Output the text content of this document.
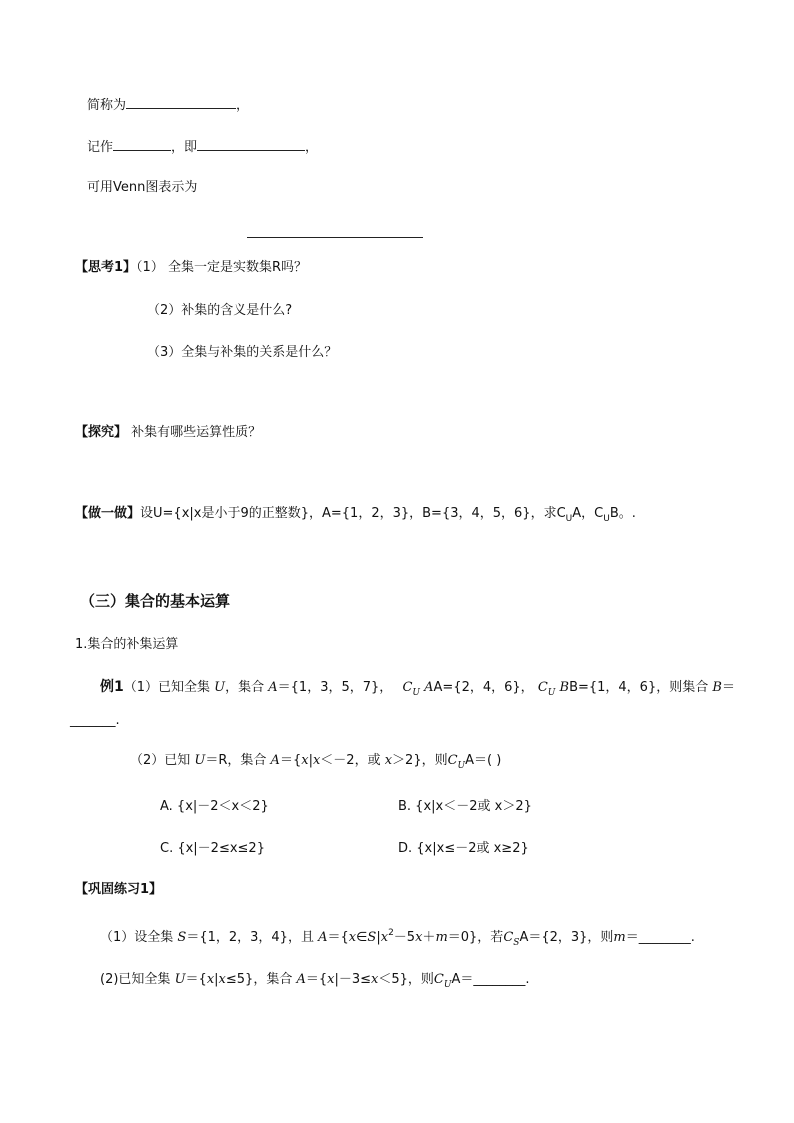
简称为	，
记作	，即	，
可用Venn图表示为
【思考1】（1） 全集一定是实数集R吗？
（2）补集的含义是什么?
（3）全集与补集的关系是什么？
【探究】 补集有哪些运算性质？
【做一做】设U={x|x是小于9的正整数}，A={1，2，3}，B={3，4，5，6}，求$C_UA$，$C_UB$。.
（三）集合的基本运算
1.集合的补集运算
例1（1）已知全集 U，集合 A＝{1，3，5，7}， $C_U$ AA={2，4，6}， $C_U$ BB={1，4，6}，则集合 B＝
_______.
（2）已知 U＝R，集合 A＝{x|x＜－2，或 x＞2}，则$C_UA=$( )
A. {x|－2＜x＜2}	B. {x|x＜－2或 x＞2}
C. {x|－2≤x≤2}	D. {x|x≤－2或 x≥2}
【巩固练习1】
（1）设全集 S＝{1，2，3，4}，且 $A=\{x\in S|x^2-5x+m=0\}$，若$C_SA=\{2$，3}，则m＝________.
(2)已知全集 U＝{x|x≤5}，集合 A＝{x|－3≤x＜5}，则$C_UA=\_\_\_\_\_\_\_\_$.
